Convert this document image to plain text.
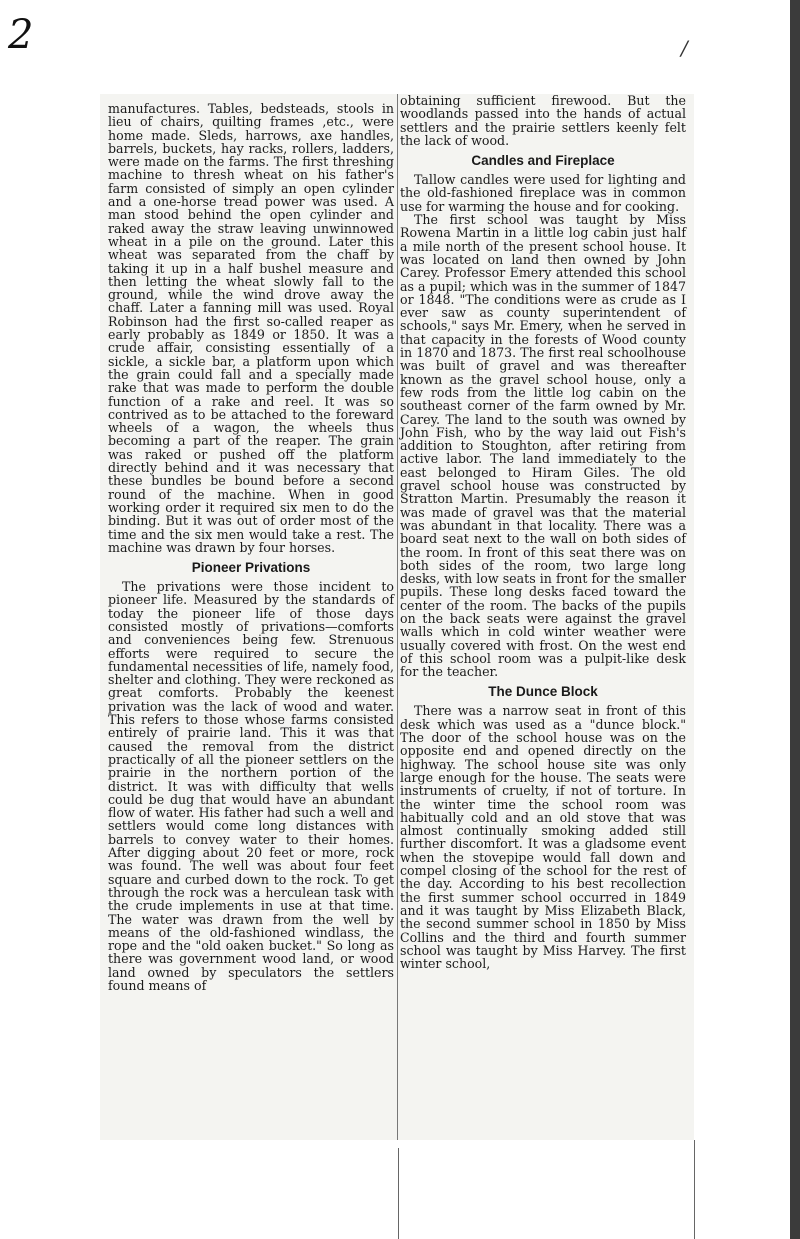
2	/

manufactures. Tables, bedsteads, stools in lieu of chairs, quilting frames ,etc., were home made. Sleds, harrows, axe handles, barrels, buckets, hay racks, rollers, ladders, were made on the farms. The first threshing machine to thresh wheat on his father's farm consisted of simply an open cylinder and a one-horse tread power was used. A man stood behind the open cylinder and raked away the straw leaving unwinnowed wheat in a pile on the ground. Later this wheat was separated from the chaff by taking it up in a half bushel measure and then letting the wheat slowly fall to the ground, while the wind drove away the chaff. Later a fanning mill was used. Royal Robinson had the first so-called reaper as early probably as 1849 or 1850. It was a crude affair, consisting essentially of a sickle, a sickle bar, a platform upon which the grain could fall and a specially made rake that was made to perform the double function of a rake and reel. It was so contrived as to be attached to the foreward wheels of a wagon, the wheels thus becoming a part of the reaper. The grain was raked or pushed off the platform directly behind and it was necessary that these bundles be bound before a second round of the machine. When in good working order it required six men to do the binding. But it was out of order most of the time and the six men would take a rest. The machine was drawn by four horses.

Pioneer Privations

The privations were those incident to pioneer life. Measured by the standards of today the pioneer life of those days consisted mostly of privations—comforts and conveniences being few. Strenuous efforts were required to secure the fundamental necessities of life, namely food, shelter and clothing. They were reckoned as great comforts. Probably the keenest privation was the lack of wood and water. This refers to those whose farms consisted entirely of prairie land. This it was that caused the removal from the district practically of all the pioneer settlers on the prairie in the northern portion of the district. It was with difficulty that wells could be dug that would have an abundant flow of water. His father had such a well and settlers would come long distances with barrels to convey water to their homes. After digging about 20 feet or more, rock was found. The well was about four feet square and curbed down to the rock. To get through the rock was a herculean task with the crude implements in use at that time. The water was drawn from the well by means of the old-fashioned windlass, the rope and the "old oaken bucket." So long as there was government wood land, or wood land owned by speculators the settlers found means of

obtaining sufficient firewood. But the woodlands passed into the hands of actual settlers and the prairie settlers keenly felt the lack of wood.

Candles and Fireplace

Tallow candles were used for lighting and the old-fashioned fireplace was in common use for warming the house and for cooking.

The first school was taught by Miss Rowena Martin in a little log cabin just half a mile north of the present school house. It was located on land then owned by John Carey. Professor Emery attended this school as a pupil; which was in the summer of 1847 or 1848. "The conditions were as crude as I ever saw as county superintendent of schools," says Mr. Emery, when he served in that capacity in the forests of Wood county in 1870 and 1873. The first real schoolhouse was built of gravel and was thereafter known as the gravel school house, only a few rods from the little log cabin on the southeast corner of the farm owned by Mr. Carey. The land to the south was owned by John Fish, who by the way laid out Fish's addition to Stoughton, after retiring from active labor. The land immediately to the east belonged to Hiram Giles. The old gravel school house was constructed by Stratton Martin. Presumably the reason it was made of gravel was that the material was abundant in that locality. There was a board seat next to the wall on both sides of the room. In front of this seat there was on both sides of the room, two large long desks, with low seats in front for the smaller pupils. These long desks faced toward the center of the room. The backs of the pupils on the back seats were against the gravel walls which in cold winter weather were usually covered with frost. On the west end of this school room was a pulpit-like desk for the teacher.

The Dunce Block

There was a narrow seat in front of this desk which was used as a "dunce block." The door of the school house was on the opposite end and opened directly on the highway. The school house site was only large enough for the house. The seats were instruments of cruelty, if not of torture. In the winter time the school room was habitually cold and an old stove that was almost continually smoking added still further discomfort. It was a gladsome event when the stovepipe would fall down and compel closing of the school for the rest of the day. According to his best recollection the first summer school occurred in 1849 and it was taught by Miss Elizabeth Black, the second summer school in 1850 by Miss Collins and the third and fourth summer school was taught by Miss Harvey. The first winter school,
